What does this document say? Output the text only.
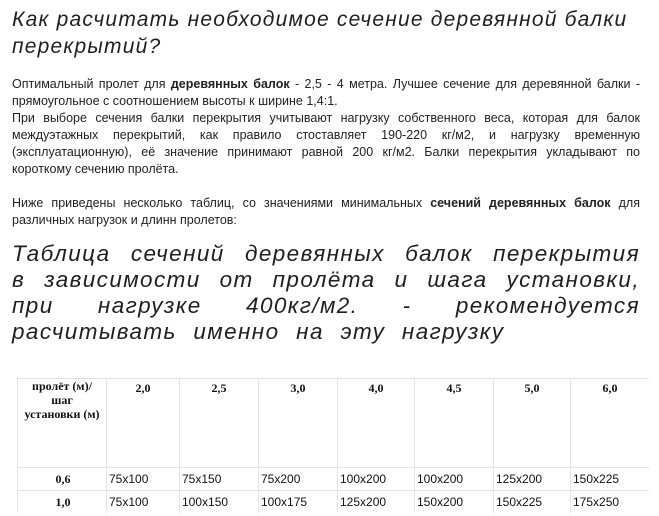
Как расчитать необходимое сечение деревянной балки перекрытий?

Оптимальный пролет для деревянных балок - 2,5 - 4 метра. Лучшее сечение для деревянной балки - прямоугольное с соотношением высоты к ширине 1,4:1.

При выборе сечения балки перекрытия учитывают нагрузку собственного веса, которая для балок междуэтажных перекрытий, как правило стоставляет 190-220 кг/м2, и нагрузку временную (эксплуатационную), её значение принимают равной 200 кг/м2. Балки перекрытия укладывают по короткому сечению пролёта.

Ниже приведены несколько таблиц, со значениями минимальных сечений деревянных балок для различных нагрузок и длинн пролетов:

Таблица сечений деревянных балок перекрытия в зависимости от пролёта и шага установки, при нагрузке 400кг/м2. - рекомендуется расчитывать именно на эту нагрузку
пролёт (м)/ шаг установки (м)	2,0	2,5	3,0	4,0	4,5	5,0	6,0
0,6	75x100	75x150	75x200	100x200	100x200	125x200	150x225
1,0	75x100	100x150	100x175	125x200	150x200	150x225	175x250
